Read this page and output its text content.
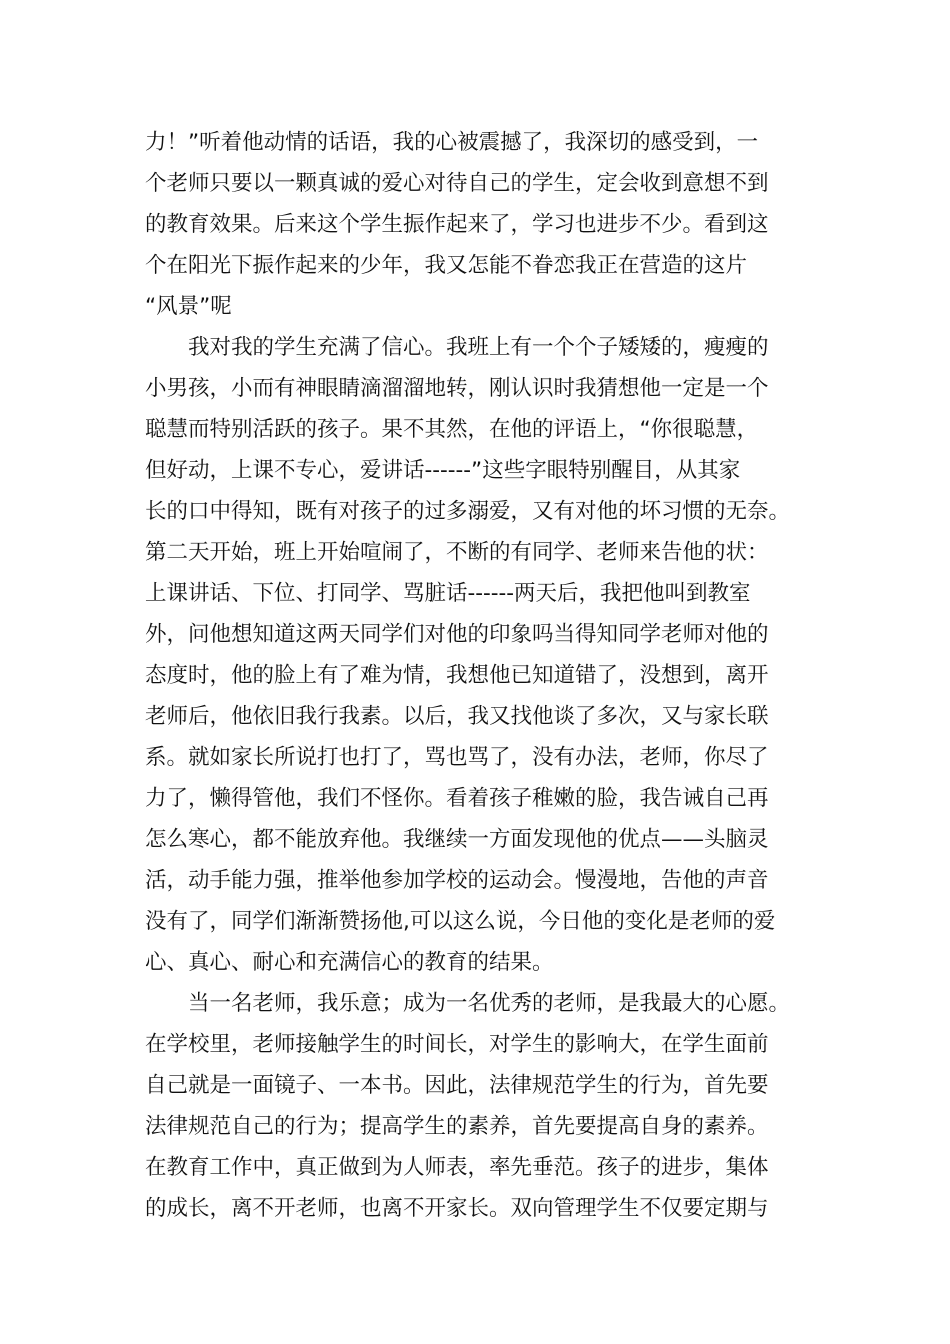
力！”听着他动情的话语，我的心被震撼了，我深切的感受到，一
个老师只要以一颗真诚的爱心对待自己的学生，定会收到意想不到
的教育效果。后来这个学生振作起来了，学习也进步不少。看到这
个在阳光下振作起来的少年，我又怎能不眷恋我正在营造的这片
“风景”呢
我对我的学生充满了信心。我班上有一个个子矮矮的，瘦瘦的
小男孩，小而有神眼睛滴溜溜地转，刚认识时我猜想他一定是一个
聪慧而特别活跃的孩子。果不其然，在他的评语上，“你很聪慧，
但好动，上课不专心，爱讲话------”这些字眼特别醒目，从其家
长的口中得知，既有对孩子的过多溺爱，又有对他的坏习惯的无奈。
第二天开始，班上开始喧闹了，不断的有同学、老师来告他的状：
上课讲话、下位、打同学、骂脏话------两天后，我把他叫到教室
外，问他想知道这两天同学们对他的印象吗当得知同学老师对他的
态度时，他的脸上有了难为情，我想他已知道错了，没想到，离开
老师后，他依旧我行我素。以后，我又找他谈了多次，又与家长联
系。就如家长所说打也打了，骂也骂了，没有办法，老师，你尽了
力了，懒得管他，我们不怪你。看着孩子稚嫩的脸，我告诫自己再
怎么寒心，都不能放弃他。我继续一方面发现他的优点——头脑灵
活，动手能力强，推举他参加学校的运动会。慢漫地，告他的声音
没有了，同学们渐渐赞扬他,可以这么说，今日他的变化是老师的爱
心、真心、耐心和充满信心的教育的结果。
当一名老师，我乐意；成为一名优秀的老师，是我最大的心愿。
在学校里，老师接触学生的时间长，对学生的影响大，在学生面前
自己就是一面镜子、一本书。因此，法律规范学生的行为，首先要
法律规范自己的行为；提高学生的素养，首先要提高自身的素养。
在教育工作中，真正做到为人师表，率先垂范。孩子的进步，集体
的成长，离不开老师，也离不开家长。双向管理学生不仅要定期与
